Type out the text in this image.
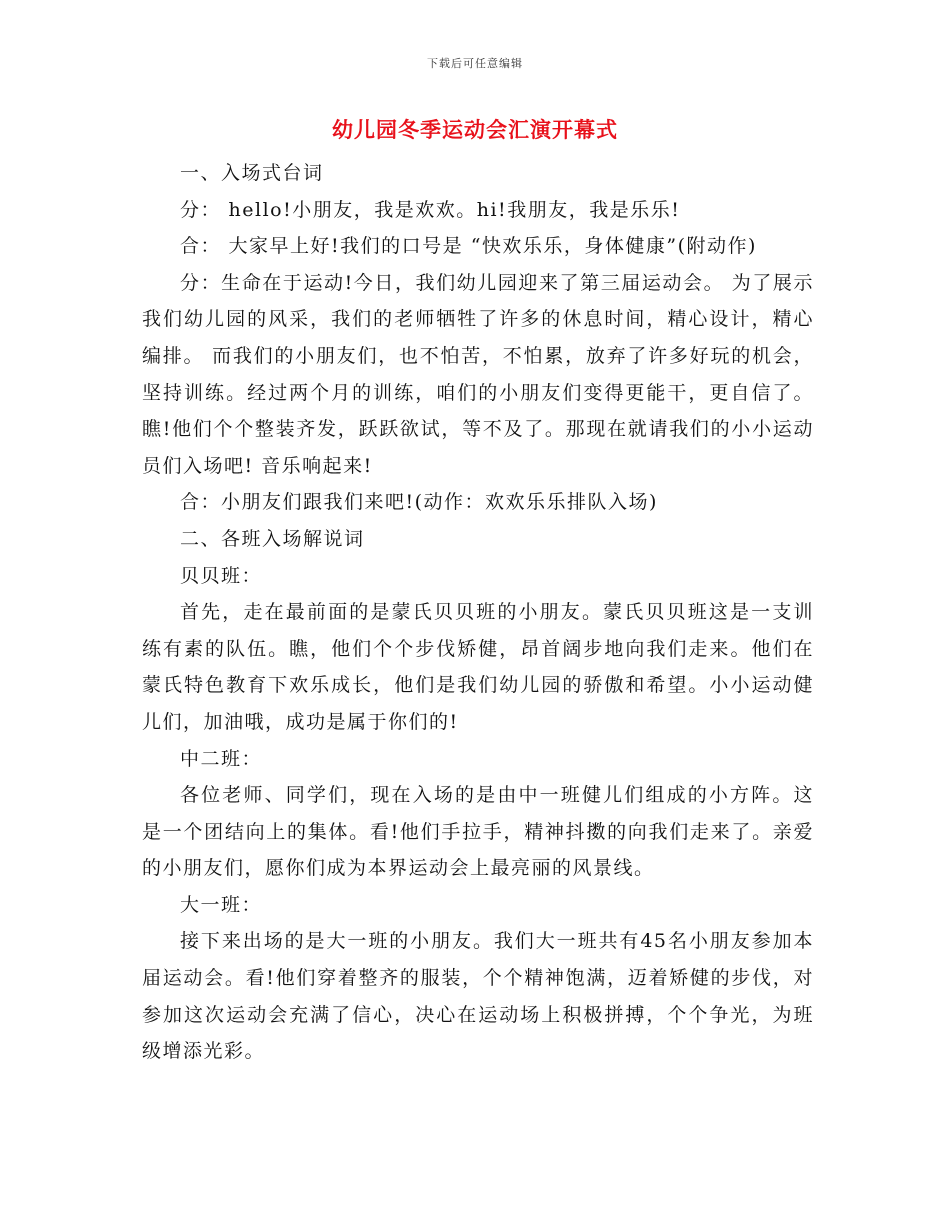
下载后可任意编辑
幼儿园冬季运动会汇演开幕式

一、入场式台词

分： hello!小朋友，我是欢欢。hi!我朋友，我是乐乐!

合： 大家早上好!我们的口号是 “快欢乐乐，身体健康”(附动作)

分：生命在于运动!今日，我们幼儿园迎来了第三届运动会。 为了展示我们幼儿园的风采，我们的老师牺牲了许多的休息时间，精心设计，精心编排。 而我们的小朋友们，也不怕苦，不怕累，放弃了许多好玩的机会，坚持训练。经过两个月的训练，咱们的小朋友们变得更能干，更自信了。 瞧!他们个个整装齐发，跃跃欲试，等不及了。那现在就请我们的小小运动员们入场吧! 音乐响起来!

合：小朋友们跟我们来吧!(动作：欢欢乐乐排队入场)

二、各班入场解说词

贝贝班：

首先，走在最前面的是蒙氏贝贝班的小朋友。蒙氏贝贝班这是一支训练有素的队伍。瞧，他们个个步伐矫健，昂首阔步地向我们走来。他们在蒙氏特色教育下欢乐成长，他们是我们幼儿园的骄傲和希望。小小运动健儿们，加油哦，成功是属于你们的!

中二班：

各位老师、同学们，现在入场的是由中一班健儿们组成的小方阵。这是一个团结向上的集体。看!他们手拉手，精神抖擞的向我们走来了。亲爱的小朋友们，愿你们成为本界运动会上最亮丽的风景线。

大一班：

接下来出场的是大一班的小朋友。我们大一班共有45名小朋友参加本届运动会。看!他们穿着整齐的服装，个个精神饱满，迈着矫健的步伐，对参加这次运动会充满了信心，决心在运动场上积极拼搏，个个争光，为班级增添光彩。
